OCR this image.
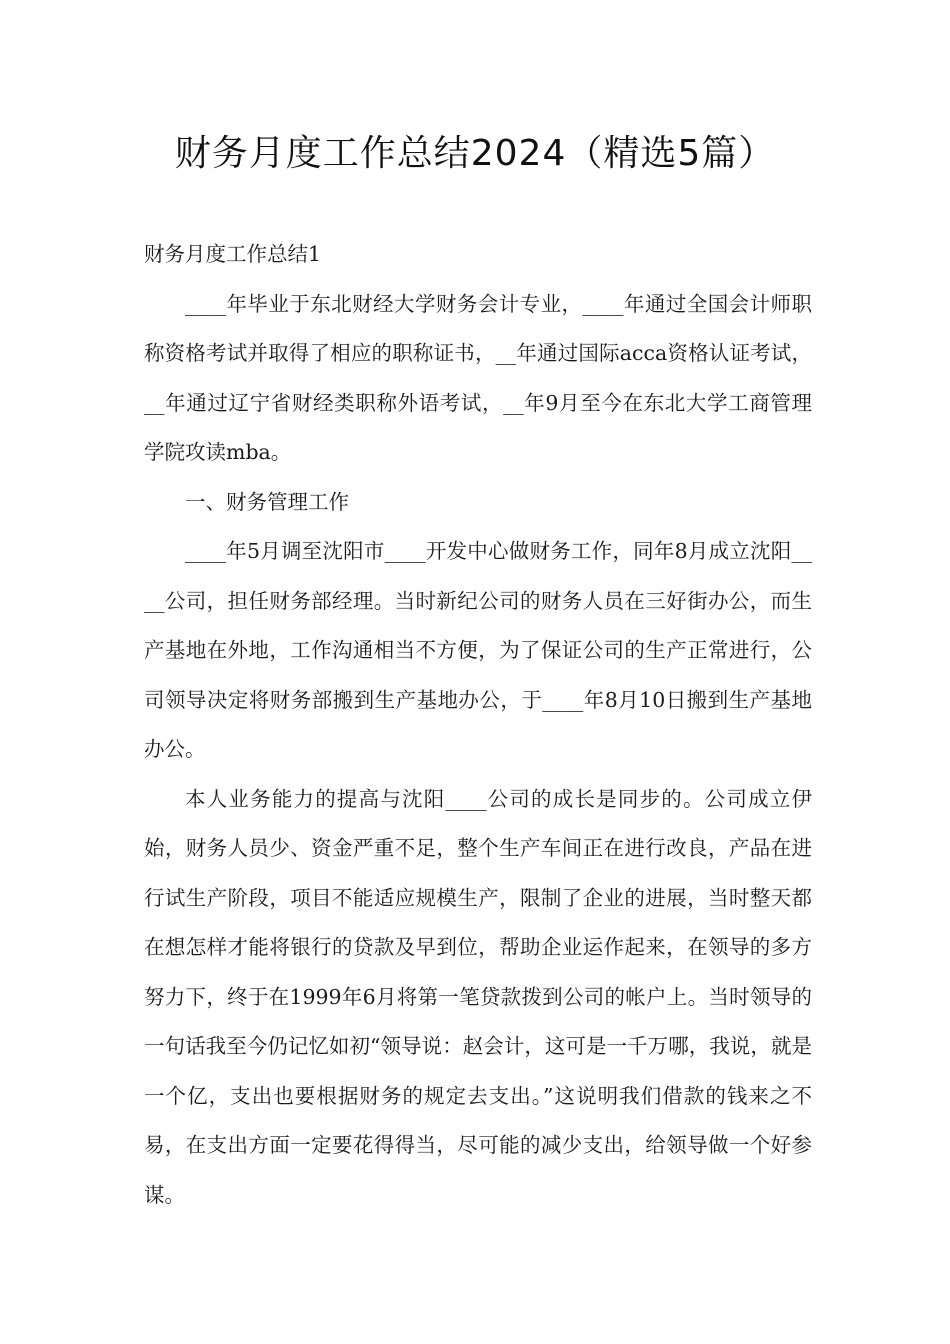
财务月度工作总结2024（精选5篇）

财务月度工作总结1

____年毕业于东北财经大学财务会计专业，____年通过全国会计师职称资格考试并取得了相应的职称证书，__年通过国际acca资格认证考试，__年通过辽宁省财经类职称外语考试，__年9月至今在东北大学工商管理学院攻读mba。

一、财务管理工作

____年5月调至沈阳市____开发中心做财务工作，同年8月成立沈阳____公司，担任财务部经理。当时新纪公司的财务人员在三好街办公，而生产基地在外地，工作沟通相当不方便，为了保证公司的生产正常进行，公司领导决定将财务部搬到生产基地办公，于____年8月10日搬到生产基地办公。

本人业务能力的提高与沈阳____公司的成长是同步的。公司成立伊始，财务人员少、资金严重不足，整个生产车间正在进行改良，产品在进行试生产阶段，项目不能适应规模生产，限制了企业的进展，当时整天都在想怎样才能将银行的贷款及早到位，帮助企业运作起来，在领导的多方努力下，终于在1999年6月将第一笔贷款拨到公司的帐户上。当时领导的一句话我至今仍记忆如初“领导说：赵会计，这可是一千万哪，我说，就是一个亿，支出也要根据财务的规定去支出。”这说明我们借款的钱来之不易，在支出方面一定要花得得当，尽可能的减少支出，给领导做一个好参谋。
